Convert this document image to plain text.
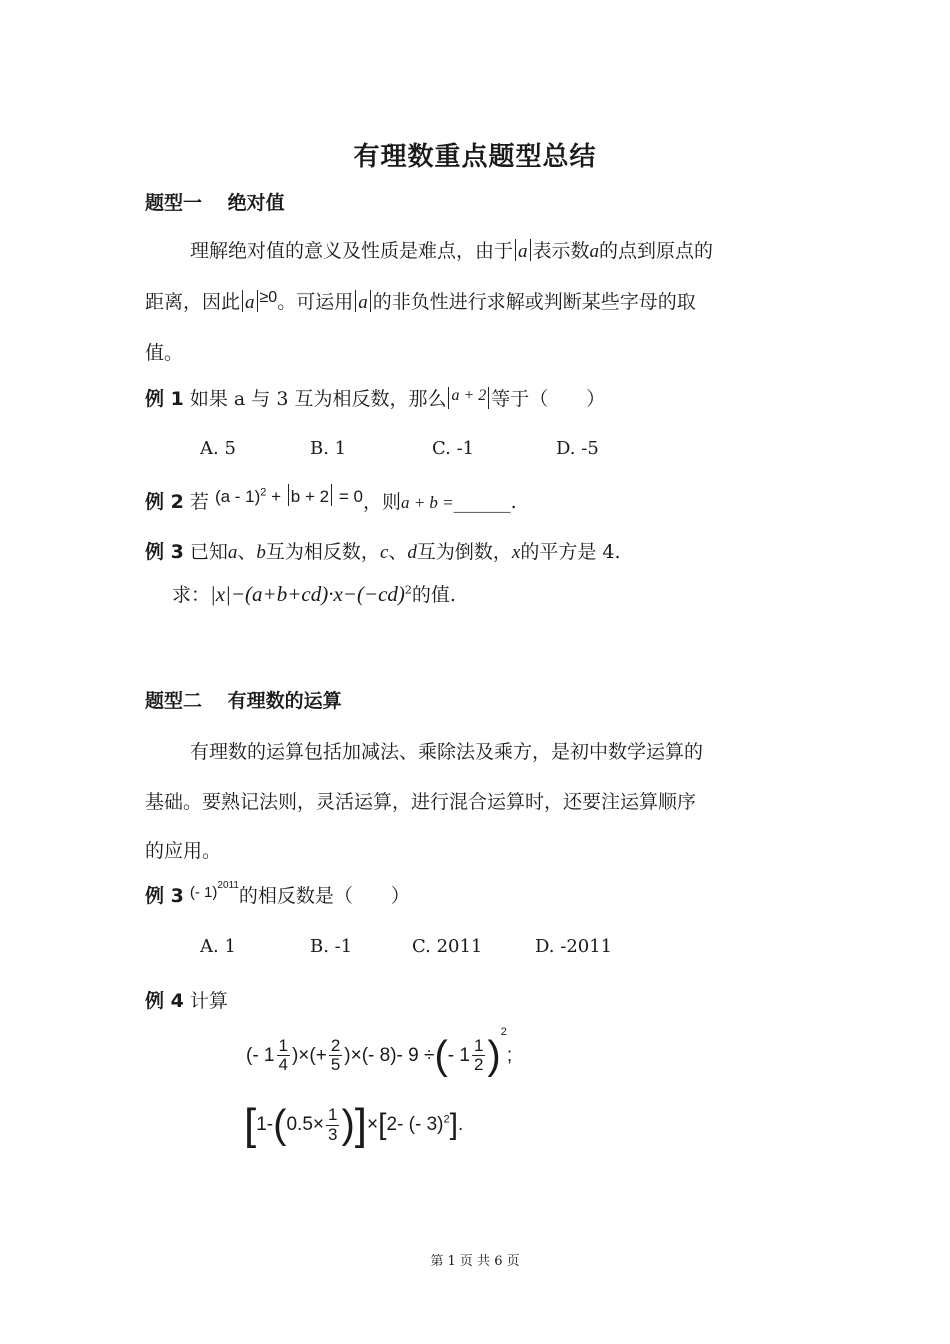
有理数重点题型总结
题型一　 绝对值
理解绝对值的意义及性质是难点，由于 a 表示数a的点到原点的
距离，因此 a $^{\ge 0}$。可运用 a 的非负性进行求解或判断某些字母的取
值。
例 1 如果 a 与 3 互为相反数，那么 $^{a + 2}$ 等于（　　）
A. 5	B. 1	C. -1	D. -5
例 2 若 (a - 1)$^2$ + b + 2 = 0，则a + b =______.
例 3 已知a、b互为相反数，c、d互为倒数，x的平方是 4.
求：$|x|-(a+b+cd)\cdot x-(-cd)^2$的值.
题型二　 有理数的运算
有理数的运算包括加减法、乘除法及乘方，是初中数学运算的
基础。要熟记法则，灵活运算，进行混合运算时，还要注运算顺序
的应用。
例 3 $^{(- 1)2011}$的相反数是（　　）
A. 1	B. -1	C. 2011	D. -2011
例 4 计算
(- $1 \frac{1}{4}$ )×(+ $\frac{2}{5}$ )×(- 8)- 9 ÷(- $1 \frac{1}{2} )^2$;
$[1-(0.5\times \frac{1}{3} )]\times[2-$ (- 3)$^2$].
第 1 页 共 6 页
